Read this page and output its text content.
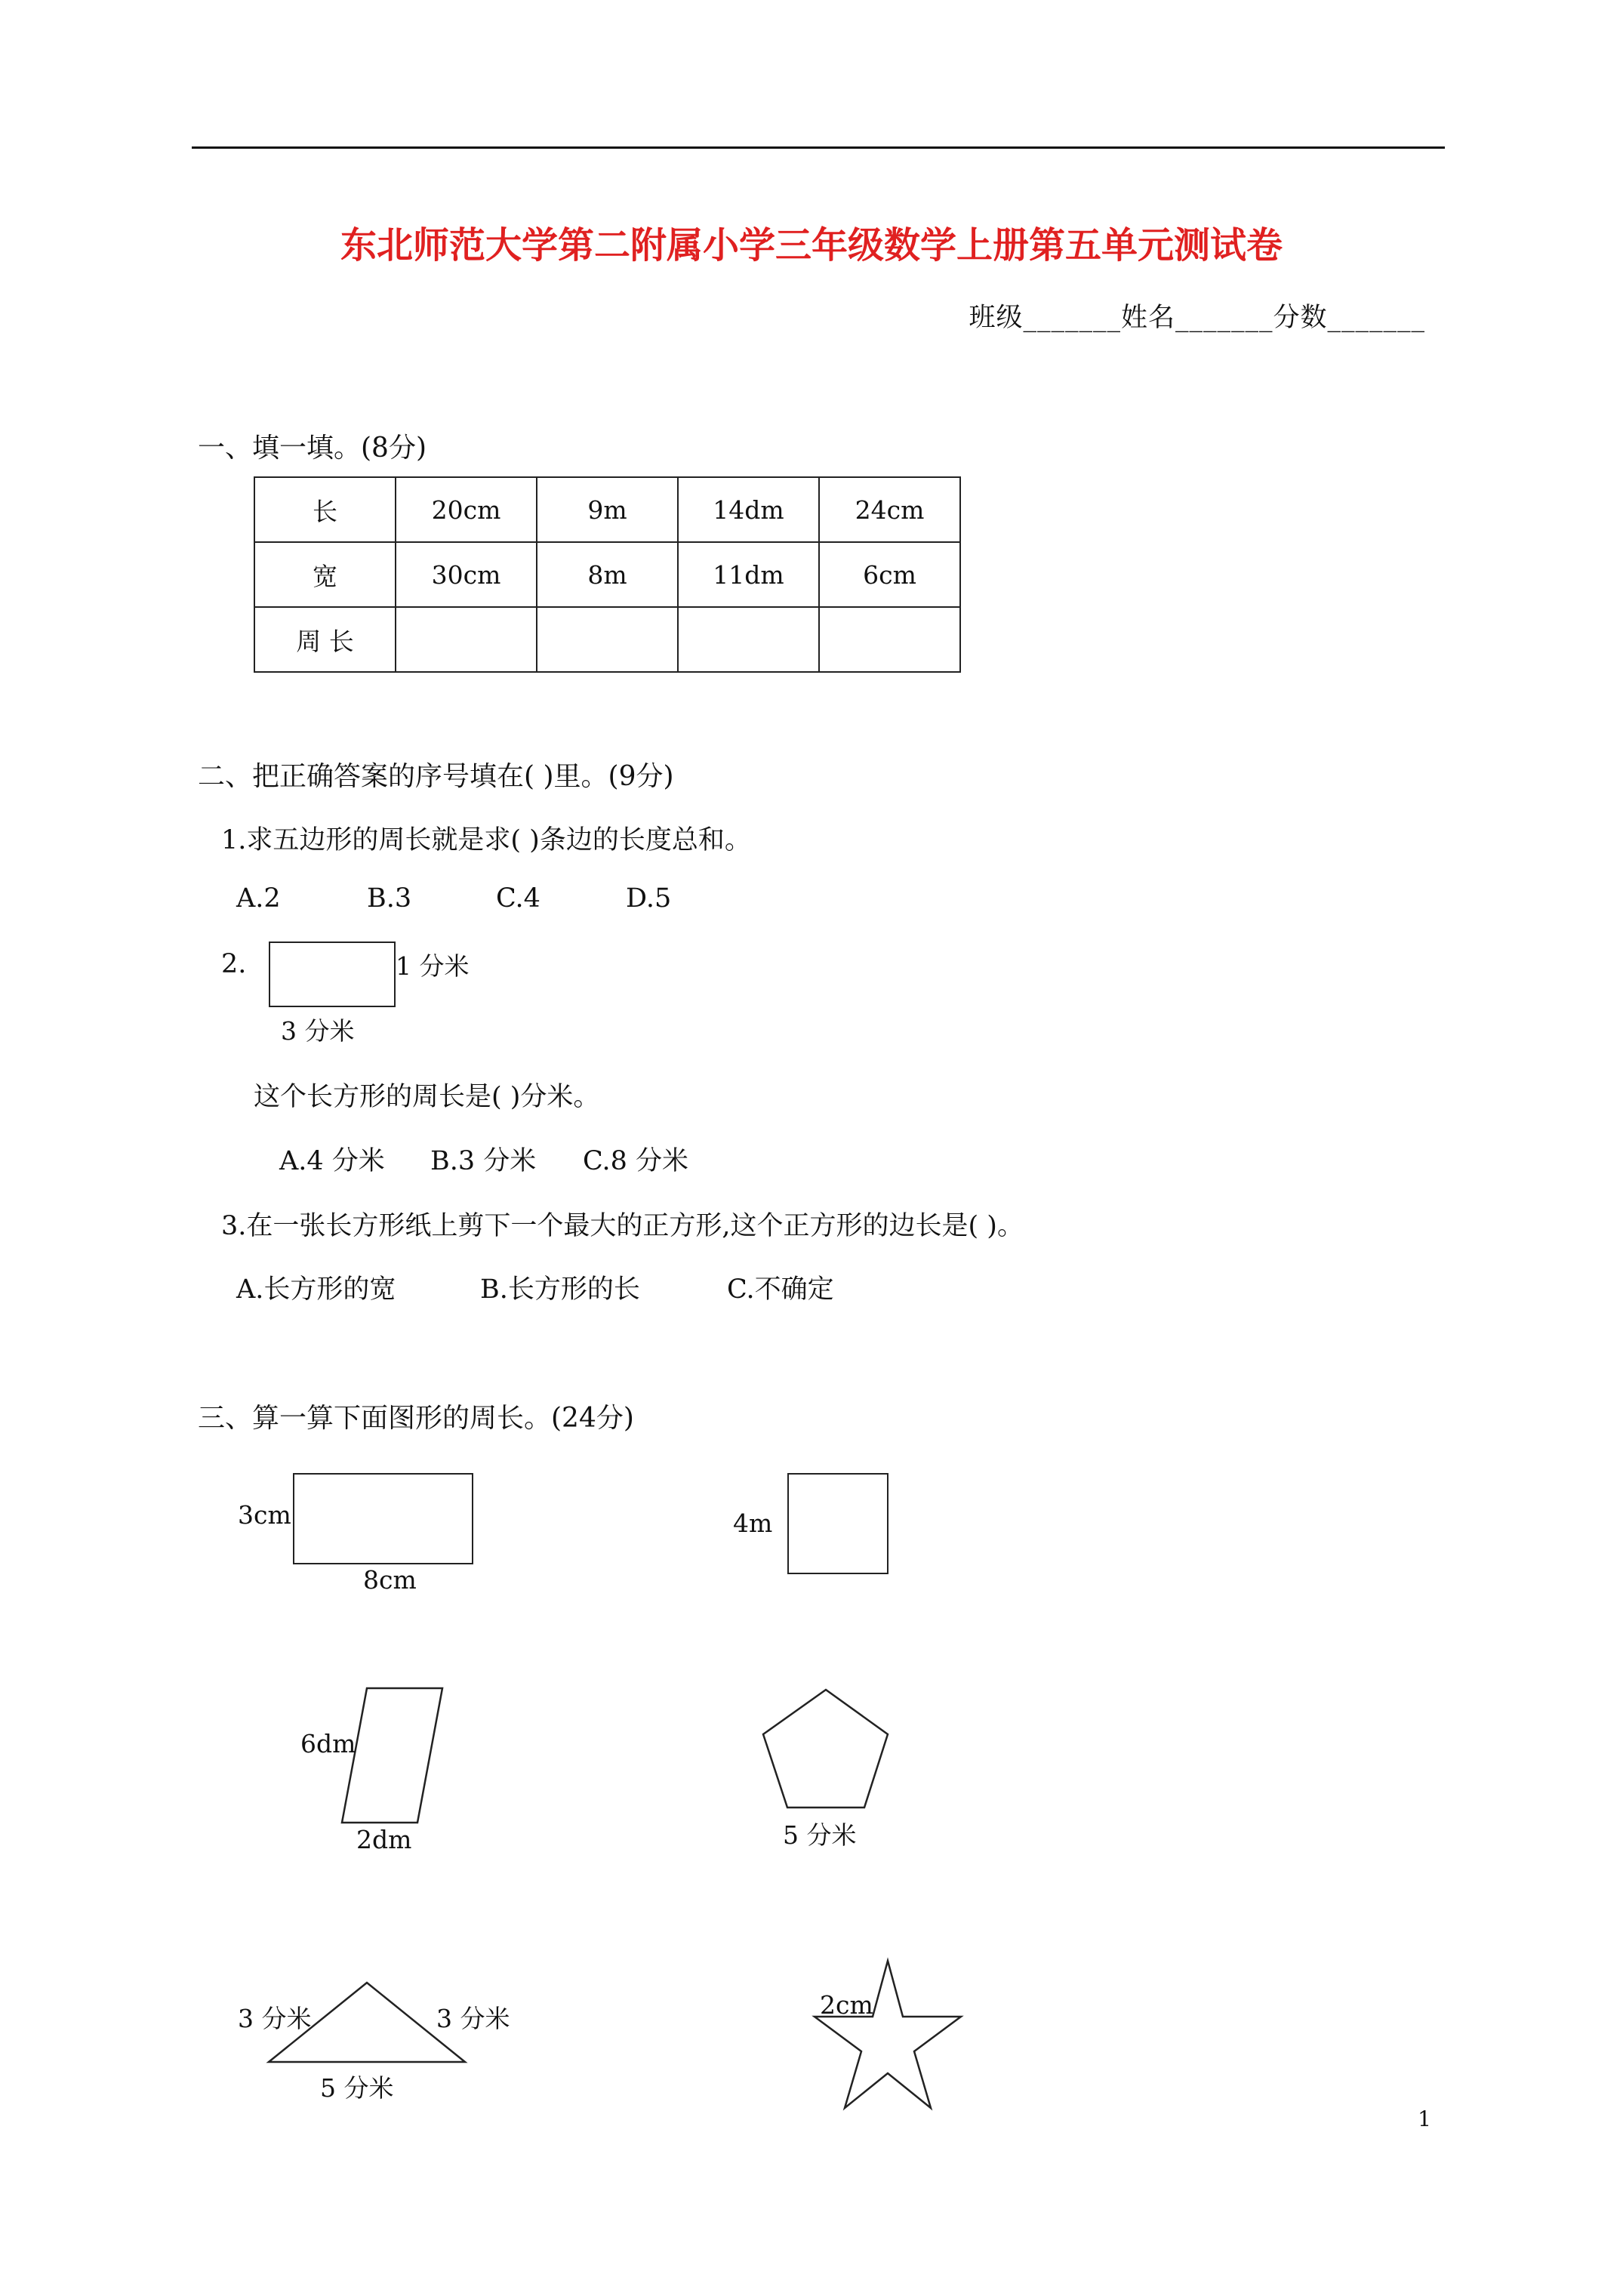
东北师范大学第二附属小学三年级数学上册第五单元测试卷
班级_______姓名_______分数_______
一、填一填。(8分)
长	20cm	9m	14dm	24cm
宽	30cm	8m	11dm	6cm
周 长				
二、把正确答案的序号填在( )里。(9分)
1.求五边形的周长就是求( )条边的长度总和。
A.2	B.3	C.4	D.5
2.	1 分米
3 分米
这个长方形的周长是( )分米。
A.4 分米 B.3 分米 C.8 分米
3.在一张长方形纸上剪下一个最大的正方形,这个正方形的边长是( )。
A.长方形的宽	B.长方形的长	C.不确定
三、算一算下面图形的周长。(24分)
3cm
8cm
4m
6dm
2dm	5 分米
3 分米	3 分米
5 分米
2cm
1
